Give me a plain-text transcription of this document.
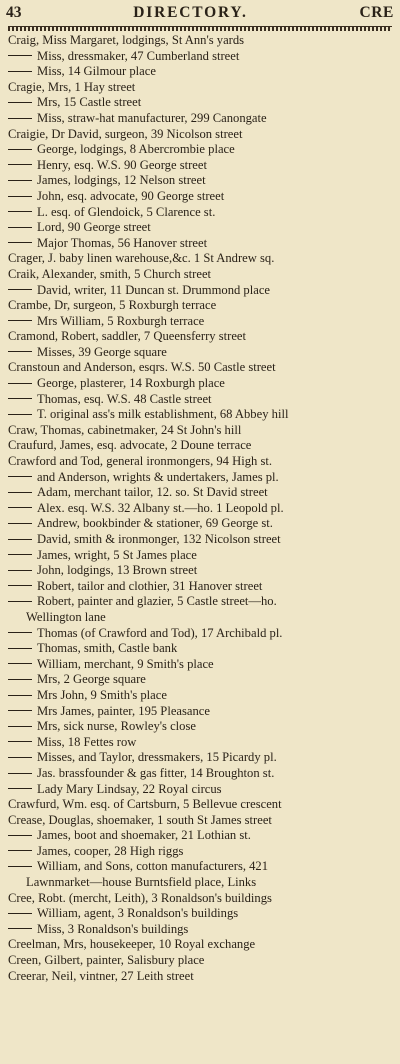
43	DIRECTORY.	CRE
Craig, Miss Margaret, lodgings, St Ann's yards
Miss, dressmaker, 47 Cumberland street
Miss, 14 Gilmour place
Cragie, Mrs, 1 Hay street
Mrs, 15 Castle street
Miss, straw-hat manufacturer, 299 Canongate
Craigie, Dr David, surgeon, 39 Nicolson street
George, lodgings, 8 Abercrombie place
Henry, esq. W.S. 90 George street
James, lodgings, 12 Nelson street
John, esq. advocate, 90 George street
L. esq. of Glendoick, 5 Clarence st.
Lord, 90 George street
Major Thomas, 56 Hanover street
Crager, J. baby linen warehouse,&c. 1 St Andrew sq.
Craik, Alexander, smith, 5 Church street
David, writer, 11 Duncan st. Drummond place
Crambe, Dr, surgeon, 5 Roxburgh terrace
Mrs William, 5 Roxburgh terrace
Cramond, Robert, saddler, 7 Queensferry street
Misses, 39 George square
Cranstoun and Anderson, esqrs. W.S. 50 Castle street
George, plasterer, 14 Roxburgh place
Thomas, esq. W.S. 48 Castle street
T. original ass's milk establishment, 68 Abbey hill
Craw, Thomas, cabinetmaker, 24 St John's hill
Craufurd, James, esq. advocate, 2 Doune terrace
Crawford and Tod, general ironmongers, 94 High st.
and Anderson, wrights & undertakers, James pl.
Adam, merchant tailor, 12. so. St David street
Alex. esq. W.S. 32 Albany st.—ho. 1 Leopold pl.
Andrew, bookbinder & stationer, 69 George st.
David, smith & ironmonger, 132 Nicolson street
James, wright, 5 St James place
John, lodgings, 13 Brown street
Robert, tailor and clothier, 31 Hanover street
Robert, painter and glazier, 5 Castle street—ho.
Wellington lane
Thomas (of Crawford and Tod), 17 Archibald pl.
Thomas, smith, Castle bank
William, merchant, 9 Smith's place
Mrs, 2 George square
Mrs John, 9 Smith's place
Mrs James, painter, 195 Pleasance
Mrs, sick nurse, Rowley's close
Miss, 18 Fettes row
Misses, and Taylor, dressmakers, 15 Picardy pl.
Jas. brassfounder & gas fitter, 14 Broughton st.
Lady Mary Lindsay, 22 Royal circus
Crawfurd, Wm. esq. of Cartsburn, 5 Bellevue crescent
Crease, Douglas, shoemaker, 1 south St James street
James, boot and shoemaker, 21 Lothian st.
James, cooper, 28 High riggs
William, and Sons, cotton manufacturers, 421
Lawnmarket—house Burntsfield place, Links
Cree, Robt. (mercht, Leith), 3 Ronaldson's buildings
William, agent, 3 Ronaldson's buildings
Miss, 3 Ronaldson's buildings
Creelman, Mrs, housekeeper, 10 Royal exchange
Creen, Gilbert, painter, Salisbury place
Creerar, Neil, vintner, 27 Leith street
